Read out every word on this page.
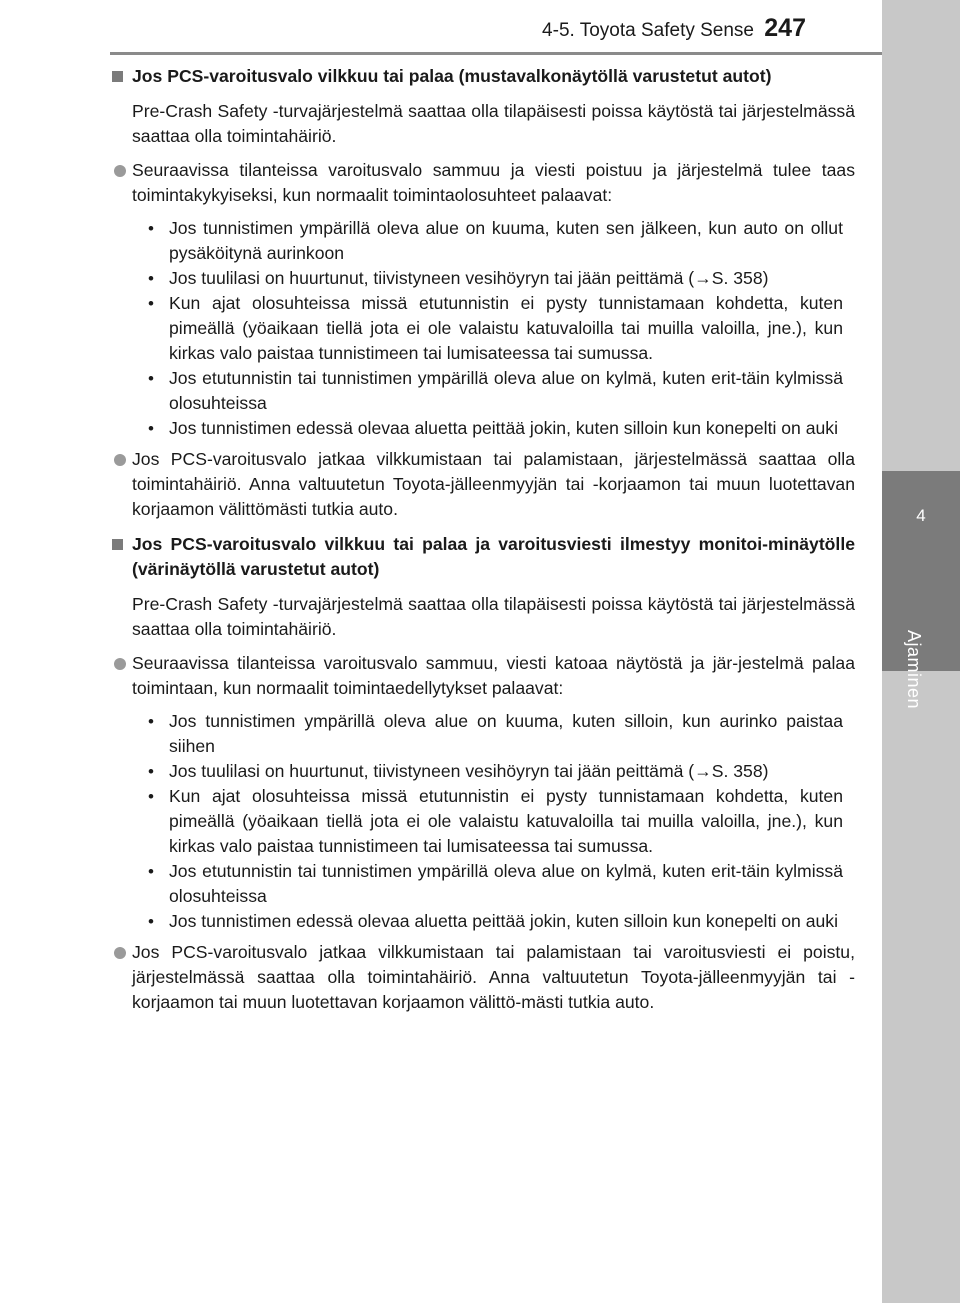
4-5. Toyota Safety Sense 247
4
Ajaminen
Jos PCS-varoitusvalo vilkkuu tai palaa (mustavalkonäytöllä varustetut autot)

Pre-Crash Safety -turvajärjestelmä saattaa olla tilapäisesti poissa käytöstä tai järjestelmässä saattaa olla toimintahäiriö.

Seuraavissa tilanteissa varoitusvalo sammuu ja viesti poistuu ja järjestelmä tulee taas toimintakykyiseksi, kun normaalit toimintaolosuhteet palaavat:

• Jos tunnistimen ympärillä oleva alue on kuuma, kuten sen jälkeen, kun auto on ollut pysäköitynä aurinkoon

• Jos tuulilasi on huurtunut, tiivistyneen vesihöyryn tai jään peittämä (→S. 358)

• Kun ajat olosuhteissa missä etutunnistin ei pysty tunnistamaan kohdetta, kuten pimeällä (yöaikaan tiellä jota ei ole valaistu katuvaloilla tai muilla valoilla, jne.), kun kirkas valo paistaa tunnistimeen tai lumisateessa tai sumussa.

• Jos etutunnistin tai tunnistimen ympärillä oleva alue on kylmä, kuten erit-täin kylmissä olosuhteissa

• Jos tunnistimen edessä olevaa aluetta peittää jokin, kuten silloin kun konepelti on auki

Jos PCS-varoitusvalo jatkaa vilkkumistaan tai palamistaan, järjestelmässä saattaa olla toimintahäiriö. Anna valtuutetun Toyota-jälleenmyyjän tai -korjaamon tai muun luotettavan korjaamon välittömästi tutkia auto.
Jos PCS-varoitusvalo vilkkuu tai palaa ja varoitusviesti ilmestyy monitoi-minäytölle (värinäytöllä varustetut autot)

Pre-Crash Safety -turvajärjestelmä saattaa olla tilapäisesti poissa käytöstä tai järjestelmässä saattaa olla toimintahäiriö.

Seuraavissa tilanteissa varoitusvalo sammuu, viesti katoaa näytöstä ja jär-jestelmä palaa toimintaan, kun normaalit toimintaedellytykset palaavat:

• Jos tunnistimen ympärillä oleva alue on kuuma, kuten silloin, kun aurinko paistaa siihen

• Jos tuulilasi on huurtunut, tiivistyneen vesihöyryn tai jään peittämä (→S. 358)

• Kun ajat olosuhteissa missä etutunnistin ei pysty tunnistamaan kohdetta, kuten pimeällä (yöaikaan tiellä jota ei ole valaistu katuvaloilla tai muilla valoilla, jne.), kun kirkas valo paistaa tunnistimeen tai lumisateessa tai sumussa.

• Jos etutunnistin tai tunnistimen ympärillä oleva alue on kylmä, kuten erit-täin kylmissä olosuhteissa

• Jos tunnistimen edessä olevaa aluetta peittää jokin, kuten silloin kun konepelti on auki

Jos PCS-varoitusvalo jatkaa vilkkumistaan tai palamistaan tai varoitusviesti ei poistu, järjestelmässä saattaa olla toimintahäiriö. Anna valtuutetun Toyota-jälleenmyyjän tai -korjaamon tai muun luotettavan korjaamon välittö-mästi tutkia auto.
